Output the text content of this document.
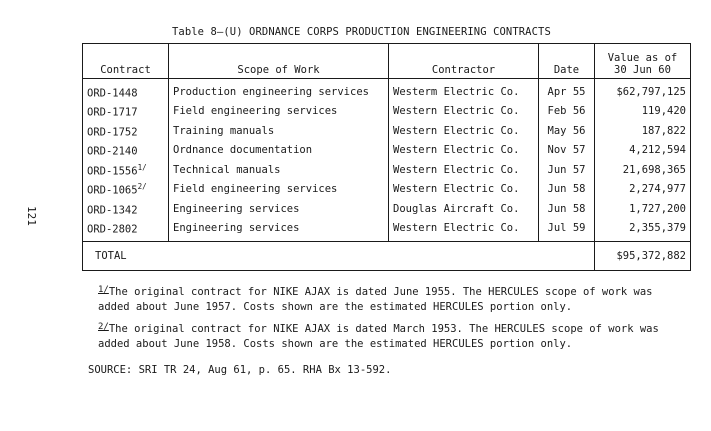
121
Table 8—(U) ORDNANCE CORPS PRODUCTION ENGINEERING CONTRACTS
Contract	Scope of Work	Contractor	Date	Value as of
30 Jun 60

ORD-1448	Production engineering services	Westerm Electric Co.	Apr 55	$62,797,125
ORD-1717	Field engineering services	Western Electric Co.	Feb 56	119,420
ORD-1752	Training manuals	Western Electric Co.	May 56	187,822
ORD-2140	Ordnance documentation	Western Electric Co.	Nov 57	4,212,594
ORD-1556$^{1/}$	Technical manuals	Western Electric Co.	Jun 57	21,698,365
ORD-1065$^{2/}$	Field engineering services	Western Electric Co.	Jun 58	2,274,977
ORD-1342	Engineering services	Douglas Aircraft Co.	Jun 58	1,727,200
ORD-2802	Engineering services	Western Electric Co.	Jul 59	2,355,379
TOTAL				$95,372,882
1/The original contract for NIKE AJAX is dated June 1955. The HERCULES scope of work was
added about June 1957. Costs shown are the estimated HERCULES portion only.
2/The original contract for NIKE AJAX is dated March 1953. The HERCULES scope of work was
added about June 1958. Costs shown are the estimated HERCULES portion only.
SOURCE: SRI TR 24, Aug 61, p. 65. RHA Bx 13-592.
